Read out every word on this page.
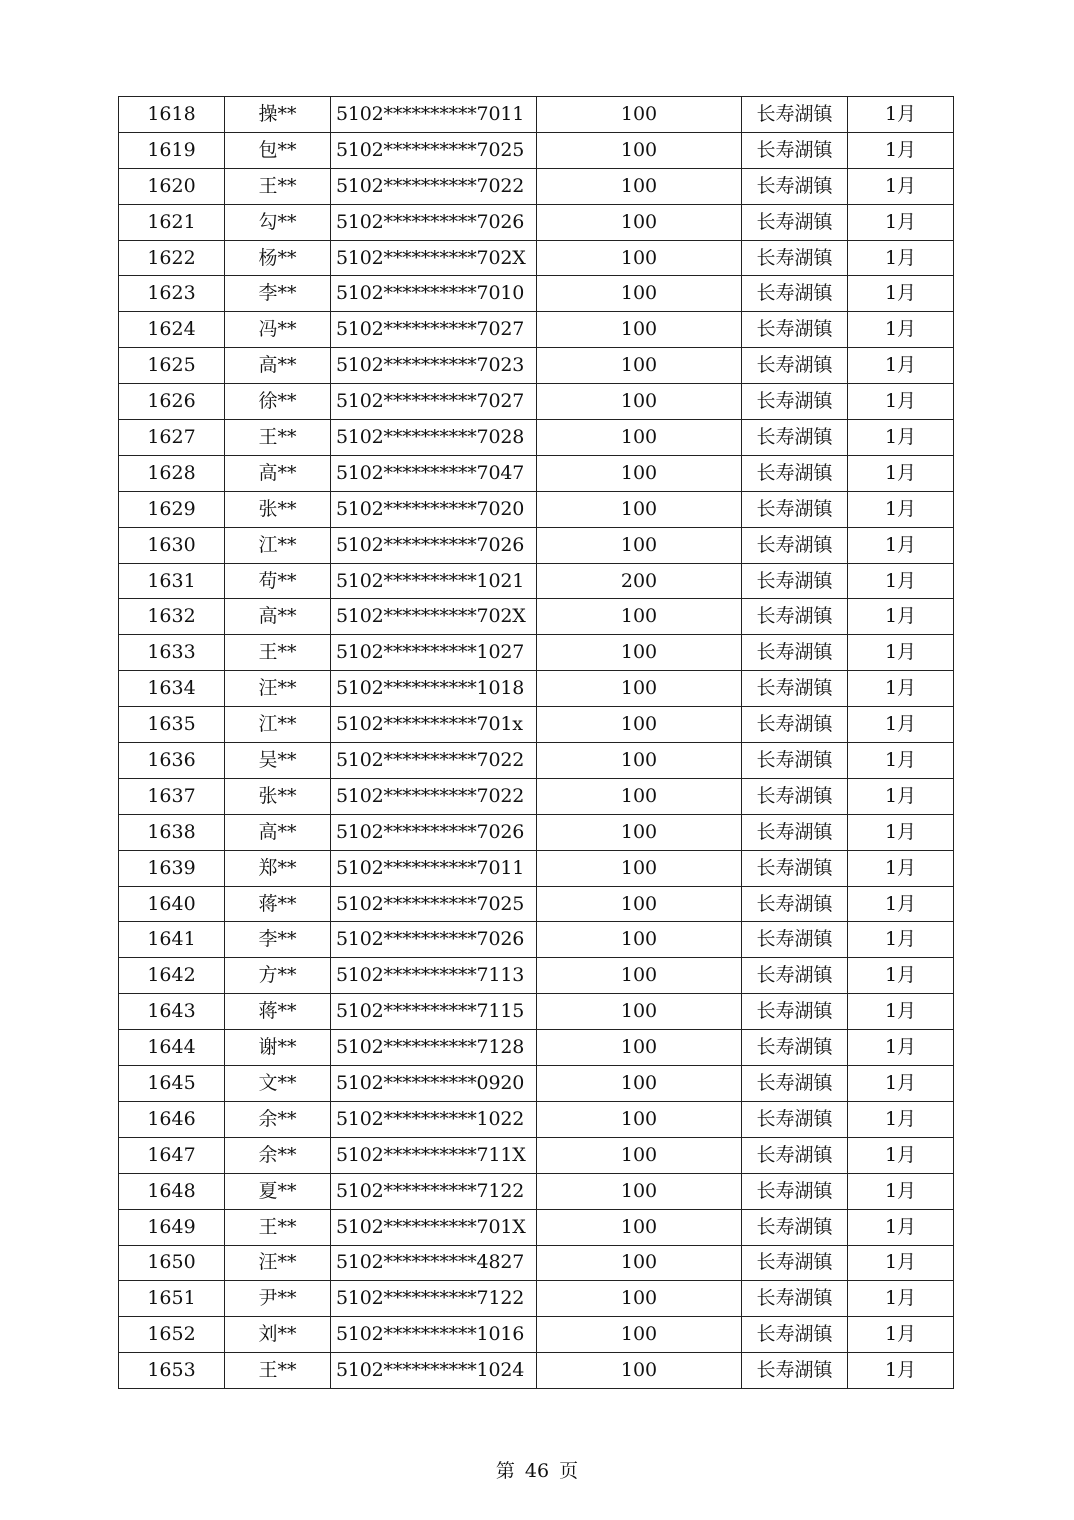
1618	操**	5102**********7011	100	长寿湖镇	1月
1619	包**	5102**********7025	100	长寿湖镇	1月
1620	王**	5102**********7022	100	长寿湖镇	1月
1621	勾**	5102**********7026	100	长寿湖镇	1月
1622	杨**	5102**********702X	100	长寿湖镇	1月
1623	李**	5102**********7010	100	长寿湖镇	1月
1624	冯**	5102**********7027	100	长寿湖镇	1月
1625	高**	5102**********7023	100	长寿湖镇	1月
1626	徐**	5102**********7027	100	长寿湖镇	1月
1627	王**	5102**********7028	100	长寿湖镇	1月
1628	高**	5102**********7047	100	长寿湖镇	1月
1629	张**	5102**********7020	100	长寿湖镇	1月
1630	江**	5102**********7026	100	长寿湖镇	1月
1631	苟**	5102**********1021	200	长寿湖镇	1月
1632	高**	5102**********702X	100	长寿湖镇	1月
1633	王**	5102**********1027	100	长寿湖镇	1月
1634	汪**	5102**********1018	100	长寿湖镇	1月
1635	江**	5102**********701x	100	长寿湖镇	1月
1636	吴**	5102**********7022	100	长寿湖镇	1月
1637	张**	5102**********7022	100	长寿湖镇	1月
1638	高**	5102**********7026	100	长寿湖镇	1月
1639	郑**	5102**********7011	100	长寿湖镇	1月
1640	蒋**	5102**********7025	100	长寿湖镇	1月
1641	李**	5102**********7026	100	长寿湖镇	1月
1642	方**	5102**********7113	100	长寿湖镇	1月
1643	蒋**	5102**********7115	100	长寿湖镇	1月
1644	谢**	5102**********7128	100	长寿湖镇	1月
1645	文**	5102**********0920	100	长寿湖镇	1月
1646	余**	5102**********1022	100	长寿湖镇	1月
1647	余**	5102**********711X	100	长寿湖镇	1月
1648	夏**	5102**********7122	100	长寿湖镇	1月
1649	王**	5102**********701X	100	长寿湖镇	1月
1650	汪**	5102**********4827	100	长寿湖镇	1月
1651	尹**	5102**********7122	100	长寿湖镇	1月
1652	刘**	5102**********1016	100	长寿湖镇	1月
1653	王**	5102**********1024	100	长寿湖镇	1月
第 46 页
